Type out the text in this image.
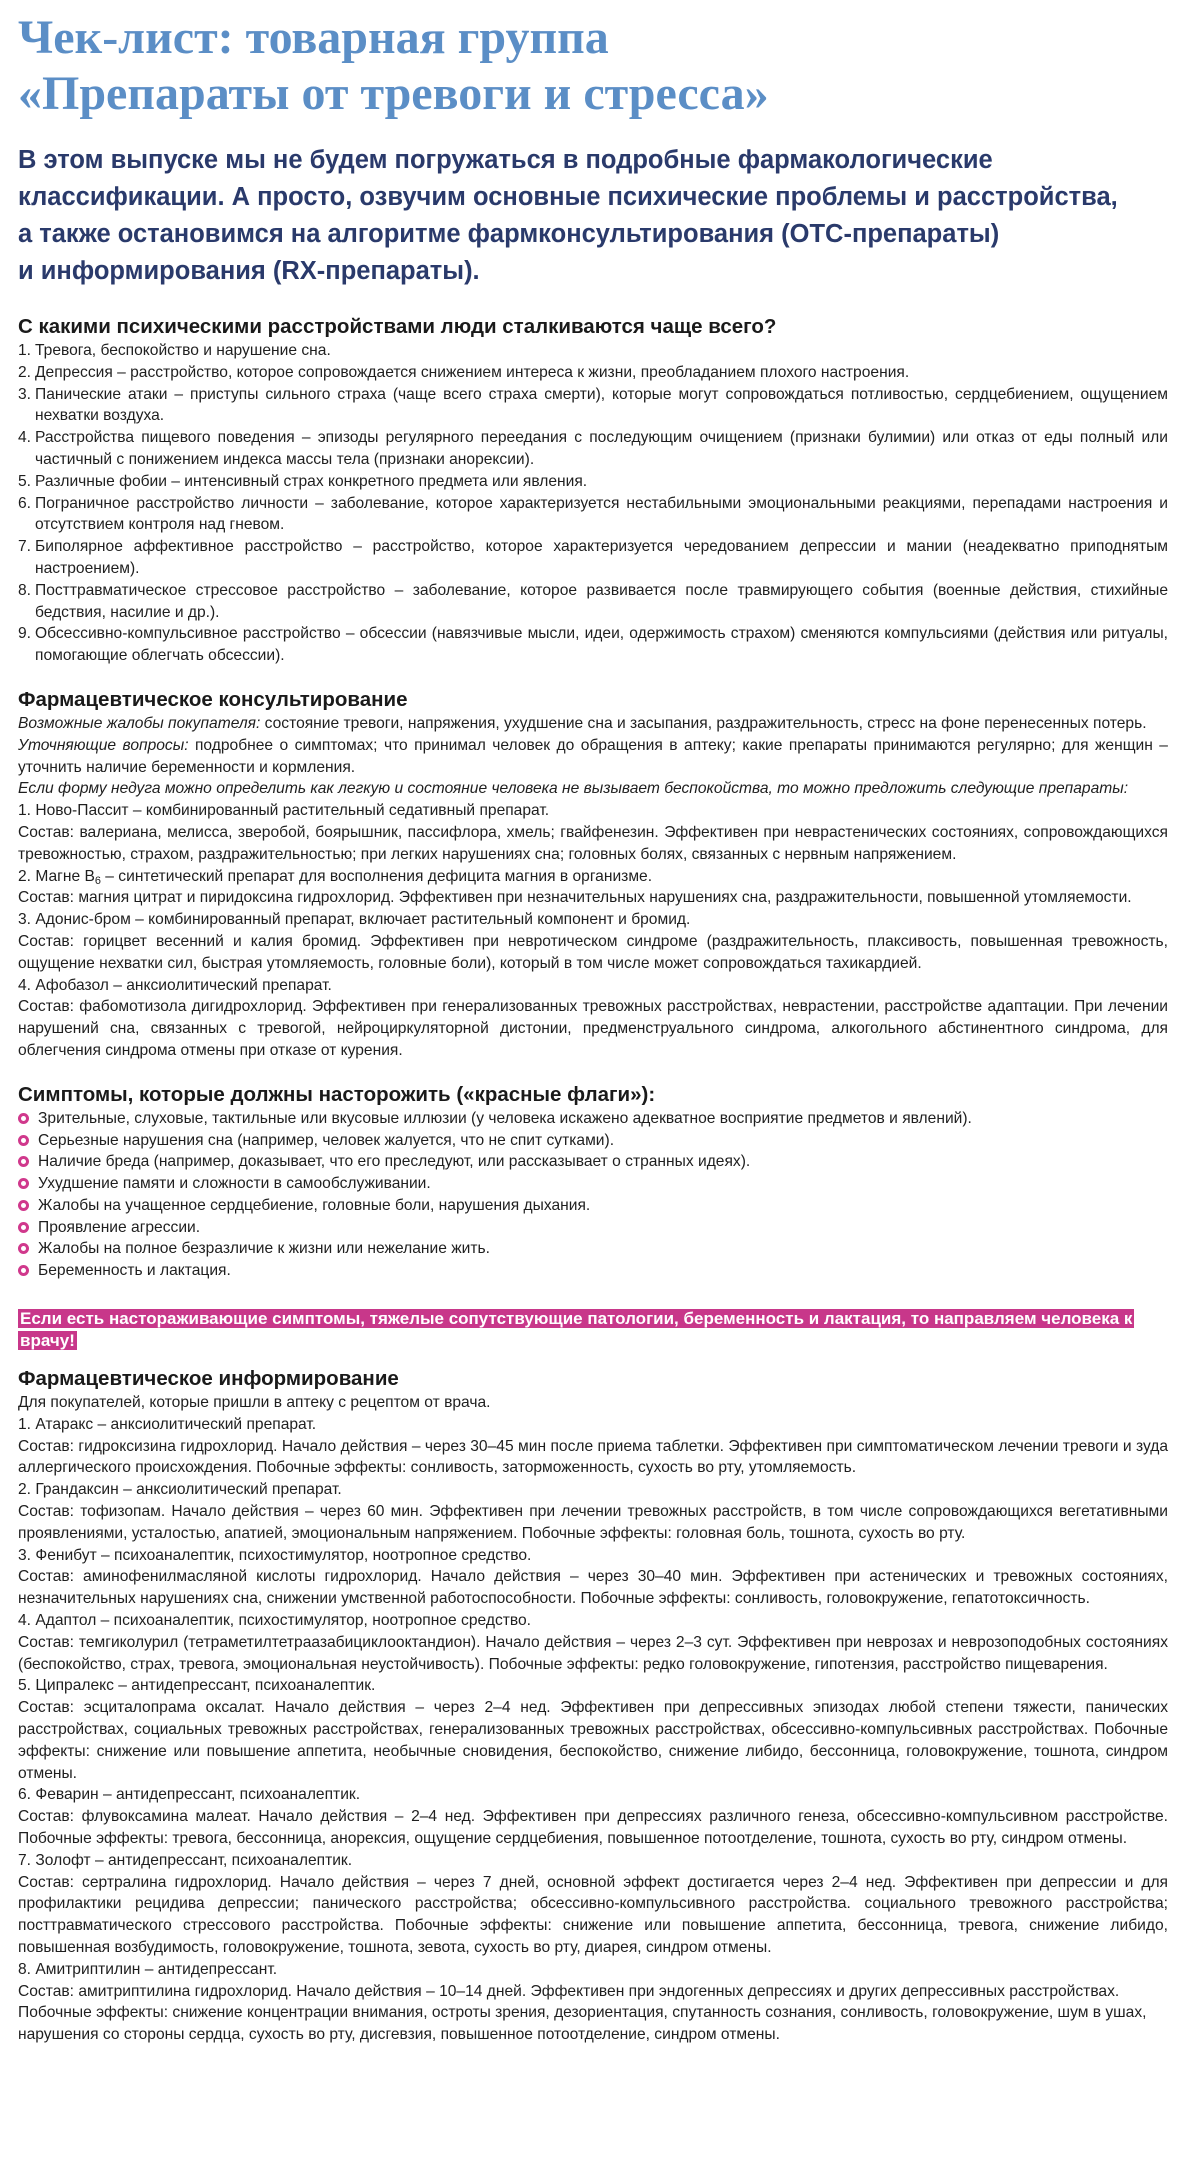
Чек-лист: товарная группа
«Препараты от тревоги и стресса»
В этом выпуске мы не будем погружаться в подробные фармакологические
классификации. А просто, озвучим основные психические проблемы и расстройства,
а также остановимся на алгоритме фармконсультирования (ОТС-препараты)
и информирования (RX-препараты).
С какими психическими расстройствами люди сталкиваются чаще всего?
1. Тревога, беспокойство и нарушение сна.
2. Депрессия – расстройство, которое сопровождается снижением интереса к жизни, преобладанием плохого настроения.
3. Панические атаки – приступы сильного страха (чаще всего страха смерти), которые могут сопровождаться потливостью, сердцебиением, ощущением нехватки воздуха.
4. Расстройства пищевого поведения – эпизоды регулярного переедания с последующим очищением (признаки булимии) или отказ от еды полный или частичный с понижением индекса массы тела (признаки анорексии).
5. Различные фобии – интенсивный страх конкретного предмета или явления.
6. Пограничное расстройство личности – заболевание, которое характеризуется нестабильными эмоциональными реакциями, перепадами настроения и отсутствием контроля над гневом.
7. Биполярное аффективное расстройство – расстройство, которое характеризуется чередованием депрессии и мании (неадекватно приподнятым настроением).
8. Посттравматическое стрессовое расстройство – заболевание, которое развивается после травмирующего события (военные действия, стихийные бедствия, насилие и др.).
9. Обсессивно-компульсивное расстройство – обсессии (навязчивые мысли, идеи, одержимость страхом) сменяются компульсиями (действия или ритуалы, помогающие облегчать обсессии).
Фармацевтическое консультирование

Возможные жалобы покупателя: состояние тревоги, напряжения, ухудшение сна и засыпания, раздражительность, стресс на фоне перенесенных потерь.

Уточняющие вопросы: подробнее о симптомах; что принимал человек до обращения в аптеку; какие препараты принимаются регулярно; для женщин – уточнить наличие беременности и кормления.

Если форму недуга можно определить как легкую и состояние человека не вызывает беспокойства, то можно предложить следующие препараты:

1. Ново-Пассит – комбинированный растительный седативный препарат.

Состав: валериана, мелисса, зверобой, боярышник, пассифлора, хмель; гвайфенезин. Эффективен при неврастенических состояниях, сопровождающихся тревожностью, страхом, раздражительностью; при легких нарушениях сна; головных болях, связанных с нервным напряжением.

2. Магне $В_6$ – синтетический препарат для восполнения дефицита магния в организме.

Состав: магния цитрат и пиридоксина гидрохлорид. Эффективен при незначительных нарушениях сна, раздражительности, повышенной утомляемости.

3. Адонис-бром – комбинированный препарат, включает растительный компонент и бромид.

Состав: горицвет весенний и калия бромид. Эффективен при невротическом синдроме (раздражительность, плаксивость, повышенная тревожность, ощущение нехватки сил, быстрая утомляемость, головные боли), который в том числе может сопровождаться тахикардией.

4. Афобазол – анксиолитический препарат.

Состав: фабомотизола дигидрохлорид. Эффективен при генерализованных тревожных расстройствах, неврастении, расстройстве адаптации. При лечении нарушений сна, связанных с тревогой, нейроциркуляторной дистонии, предменструального синдрома, алкогольного абстинентного синдрома, для облегчения синдрома отмены при отказе от курения.

Симптомы, которые должны насторожить («красные флаги»):
Зрительные, слуховые, тактильные или вкусовые иллюзии (у человека искажено адекватное восприятие предметов и явлений).
Серьезные нарушения сна (например, человек жалуется, что не спит сутками).
Наличие бреда (например, доказывает, что его преследуют, или рассказывает о странных идеях).
Ухудшение памяти и сложности в самообслуживании.
Жалобы на учащенное сердцебиение, головные боли, нарушения дыхания.
Проявление агрессии.
Жалобы на полное безразличие к жизни или нежелание жить.
Беременность и лактация.
Если есть настораживающие симптомы, тяжелые сопутствующие патологии, беременность и лактация, то направляем человека к врачу!
Фармацевтическое информирование

Для покупателей, которые пришли в аптеку с рецептом от врача.

1. Атаракс – анксиолитический препарат.

Состав: гидроксизина гидрохлорид. Начало действия – через 30–45 мин после приема таблетки. Эффективен при симптоматическом лечении тревоги и зуда аллергического происхождения. Побочные эффекты: сонливость, заторможенность, сухость во рту, утомляемость.

2. Грандаксин – анксиолитический препарат.

Состав: тофизопам. Начало действия – через 60 мин. Эффективен при лечении тревожных расстройств, в том числе сопровождающихся вегетативными проявлениями, усталостью, апатией, эмоциональным напряжением. Побочные эффекты: головная боль, тошнота, сухость во рту.

3. Фенибут – психоаналептик, психостимулятор, ноотропное средство.

Состав: аминофенилмасляной кислоты гидрохлорид. Начало действия – через 30–40 мин. Эффективен при астенических и тревожных состояниях, незначительных нарушениях сна, снижении умственной работоспособности. Побочные эффекты: сонливость, головокружение, гепатотоксичность.

4. Адаптол – психоаналептик, психостимулятор, ноотропное средство.

Состав: темгиколурил (тетраметилтетраазабициклооктандион). Начало действия – через 2–3 сут. Эффективен при неврозах и неврозоподобных состояниях (беспокойство, страх, тревога, эмоциональная неустойчивость). Побочные эффекты: редко головокружение, гипотензия, расстройство пищеварения.

5. Ципралекс – антидепрессант, психоаналептик.

Состав: эсциталопрама оксалат. Начало действия – через 2–4 нед. Эффективен при депрессивных эпизодах любой степени тяжести, панических расстройствах, социальных тревожных расстройствах, генерализованных тревожных расстройствах, обсессивно-компульсивных расстройствах. Побочные эффекты: снижение или повышение аппетита, необычные сновидения, беспокойство, снижение либидо, бессонница, головокружение, тошнота, синдром отмены.

6. Феварин – антидепрессант, психоаналептик.

Состав: флувоксамина малеат. Начало действия – 2–4 нед. Эффективен при депрессиях различного генеза, обсессивно-компульсивном расстройстве. Побочные эффекты: тревога, бессонница, анорексия, ощущение сердцебиения, повышенное потоотделение, тошнота, сухость во рту, синдром отмены.

7. Золофт – антидепрессант, психоаналептик.

Состав: сертралина гидрохлорид. Начало действия – через 7 дней, основной эффект достигается через 2–4 нед. Эффективен при депрессии и для профилактики рецидива депрессии; панического расстройства; обсессивно-компульсивного расстройства. социального тревожного расстройства; посттравматического стрессового расстройства. Побочные эффекты: снижение или повышение аппетита, бессонница, тревога, снижение либидо, повышенная возбудимость, головокружение, тошнота, зевота, сухость во рту, диарея, синдром отмены.

8. Амитриптилин – антидепрессант.

Состав: амитриптилина гидрохлорид. Начало действия – 10–14 дней. Эффективен при эндогенных депрессиях и других депрессивных расстройствах. Побочные эффекты: снижение концентрации внимания, остроты зрения, дезориентация, спутанность сознания, сонливость, головокружение, шум в ушах, нарушения со стороны сердца, сухость во рту, дисгевзия, повышенное потоотделение, синдром отмены.
